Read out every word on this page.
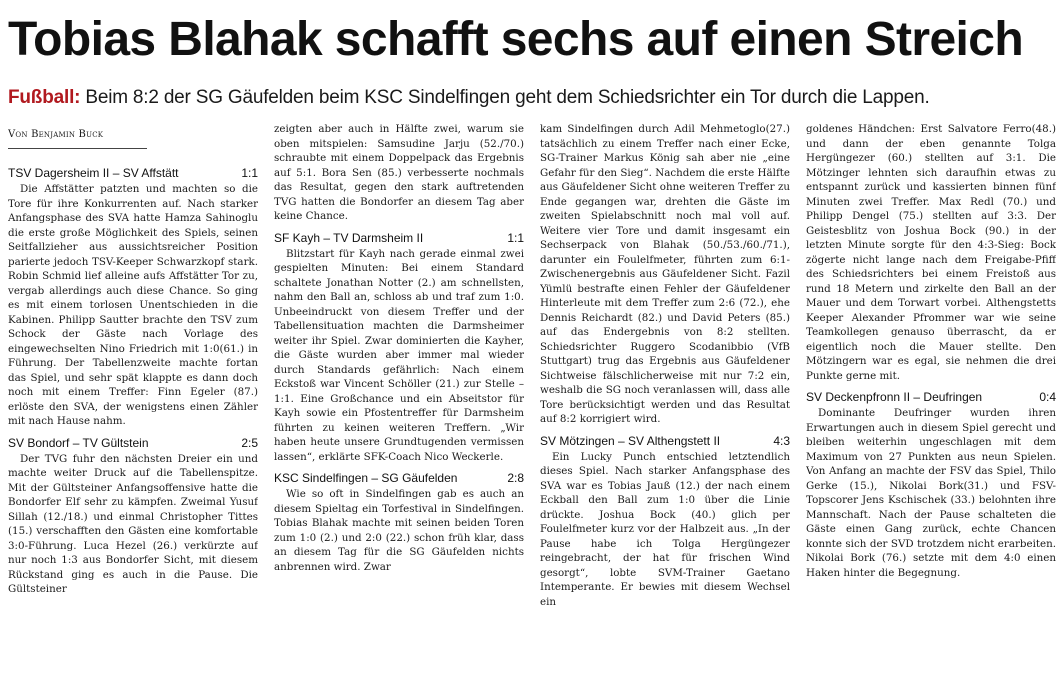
Tobias Blahak schafft sechs auf einen Streich
Fußball: Beim 8:2 der SG Gäufelden beim KSC Sindelfingen geht dem Schiedsrichter ein Tor durch die Lappen.
Von Benjamin Buck
TSV Dagersheim II – SV Affstätt	1:1

Die Affstätter patzten und machten so die Tore für ihre Konkurrenten auf. Nach starker Anfangsphase des SVA hatte Hamza Sahinoglu die erste große Möglichkeit des Spiels, seinen Seitfallzieher aus aussichtsreicher Position parierte jedoch TSV-Keeper Schwarzkopf stark. Robin Schmid lief alleine aufs Affstätter Tor zu, vergab allerdings auch diese Chance. So ging es mit einem torlosen Unentschieden in die Kabinen. Philipp Sautter brachte den TSV zum Schock der Gäste nach Vorlage des eingewechselten Nino Friedrich mit 1:0(61.) in Führung. Der Tabellenzweite machte fortan das Spiel, und sehr spät klappte es dann doch noch mit einem Treffer: Finn Egeler (87.) erlöste den SVA, der wenigstens einen Zähler mit nach Hause nahm.

SV Bondorf – TV Gültstein	2:5

Der TVG fuhr den nächsten Dreier ein und machte weiter Druck auf die Tabellenspitze. Mit der Gültsteiner Anfangsoffensive hatte die Bondorfer Elf sehr zu kämpfen. Zweimal Yusuf Sillah (12./18.) und einmal Christopher Tittes (15.) verschafften den Gästen eine komfortable 3:0-Führung. Luca Hezel (26.) verkürzte auf nur noch 1:3 aus Bondorfer Sicht, mit diesem Rückstand ging es auch in die Pause. Die Gültsteiner

zeigten aber auch in Hälfte zwei, warum sie oben mitspielen: Samsudine Jarju (52./70.) schraubte mit einem Doppelpack das Ergebnis auf 5:1. Bora Sen (85.) verbesserte nochmals das Resultat, gegen den stark auftretenden TVG hatten die Bondorfer an diesem Tag aber keine Chance.

SF Kayh – TV Darmsheim II	1:1

Blitzstart für Kayh nach gerade einmal zwei gespielten Minuten: Bei einem Standard schaltete Jonathan Notter (2.) am schnellsten, nahm den Ball an, schloss ab und traf zum 1:0. Unbeeindruckt von diesem Treffer und der Tabellensituation machten die Darmsheimer weiter ihr Spiel. Zwar dominierten die Kayher, die Gäste wurden aber immer mal wieder durch Standards gefährlich: Nach einem Eckstoß war Vincent Schöller (21.) zur Stelle – 1:1. Eine Großchance und ein Abseitstor für Kayh sowie ein Pfostentreffer für Darmsheim führten zu keinen weiteren Treffern. „Wir haben heute unsere Grundtugenden vermissen lassen“, erklärte SFK-Coach Nico Weckerle.

KSC Sindelfingen – SG Gäufelden	2:8

Wie so oft in Sindelfingen gab es auch an diesem Spieltag ein Torfestival in Sindelfingen. Tobias Blahak machte mit seinen beiden Toren zum 1:0 (2.) und 2:0 (22.) schon früh klar, dass an diesem Tag für die SG Gäufelden nichts anbrennen wird. Zwar

kam Sindelfingen durch Adil Mehmetoglo(27.) tatsächlich zu einem Treffer nach einer Ecke, SG-Trainer Markus König sah aber nie „eine Gefahr für den Sieg“. Nachdem die erste Hälfte aus Gäufeldener Sicht ohne weiteren Treffer zu Ende gegangen war, drehten die Gäste im zweiten Spielabschnitt noch mal voll auf. Weitere vier Tore und damit insgesamt ein Sechserpack von Blahak (50./53./60./71.), darunter ein Foulelfmeter, führten zum 6:1-Zwischenergebnis aus Gäufeldener Sicht. Fazil Yümlü bestrafte einen Fehler der Gäufeldener Hinterleute mit dem Treffer zum 2:6 (72.), ehe Dennis Reichardt (82.) und David Peters (85.) auf das Endergebnis von 8:2 stellten. Schiedsrichter Ruggero Scodanibbio (VfB Stuttgart) trug das Ergebnis aus Gäufeldener Sichtweise fälschlicherweise mit nur 7:2 ein, weshalb die SG noch veranlassen will, dass alle Tore berücksichtigt werden und das Resultat auf 8:2 korrigiert wird.

SV Mötzingen – SV Althengstett II	4:3

Ein Lucky Punch entschied letztendlich dieses Spiel. Nach starker Anfangsphase des SVA war es Tobias Jauß (12.) der nach einem Eckball den Ball zum 1:0 über die Linie drückte. Joshua Bock (40.) glich per Foulelfmeter kurz vor der Halbzeit aus. „In der Pause habe ich Tolga Hergüngezer reingebracht, der hat für frischen Wind gesorgt“, lobte SVM-Trainer Gaetano Intemperante. Er bewies mit diesem Wechsel ein

goldenes Händchen: Erst Salvatore Ferro(48.) und dann der eben genannte Tolga Hergüngezer (60.) stellten auf 3:1. Die Mötzinger lehnten sich daraufhin etwas zu entspannt zurück und kassierten binnen fünf Minuten zwei Treffer. Max Redl (70.) und Philipp Dengel (75.) stellten auf 3:3. Der Geistesblitz von Joshua Bock (90.) in der letzten Minute sorgte für den 4:3-Sieg: Bock zögerte nicht lange nach dem Freigabe-Pfiff des Schiedsrichters bei einem Freistoß aus rund 18 Metern und zirkelte den Ball an der Mauer und dem Torwart vorbei. Althengstetts Keeper Alexander Pfrommer war wie seine Teamkollegen genauso überrascht, da er eigentlich noch die Mauer stellte. Den Mötzingern war es egal, sie nehmen die drei Punkte gerne mit.

SV Deckenpfronn II – Deufringen	0:4

Dominante Deufringer wurden ihren Erwartungen auch in diesem Spiel gerecht und bleiben weiterhin ungeschlagen mit dem Maximum von 27 Punkten aus neun Spielen. Von Anfang an machte der FSV das Spiel, Thilo Gerke (15.), Nikolai Bork(31.) und FSV-Topscorer Jens Kschischek (33.) belohnten ihre Mannschaft. Nach der Pause schalteten die Gäste einen Gang zurück, echte Chancen konnte sich der SVD trotzdem nicht erarbeiten. Nikolai Bork (76.) setzte mit dem 4:0 einen Haken hinter die Begegnung.
